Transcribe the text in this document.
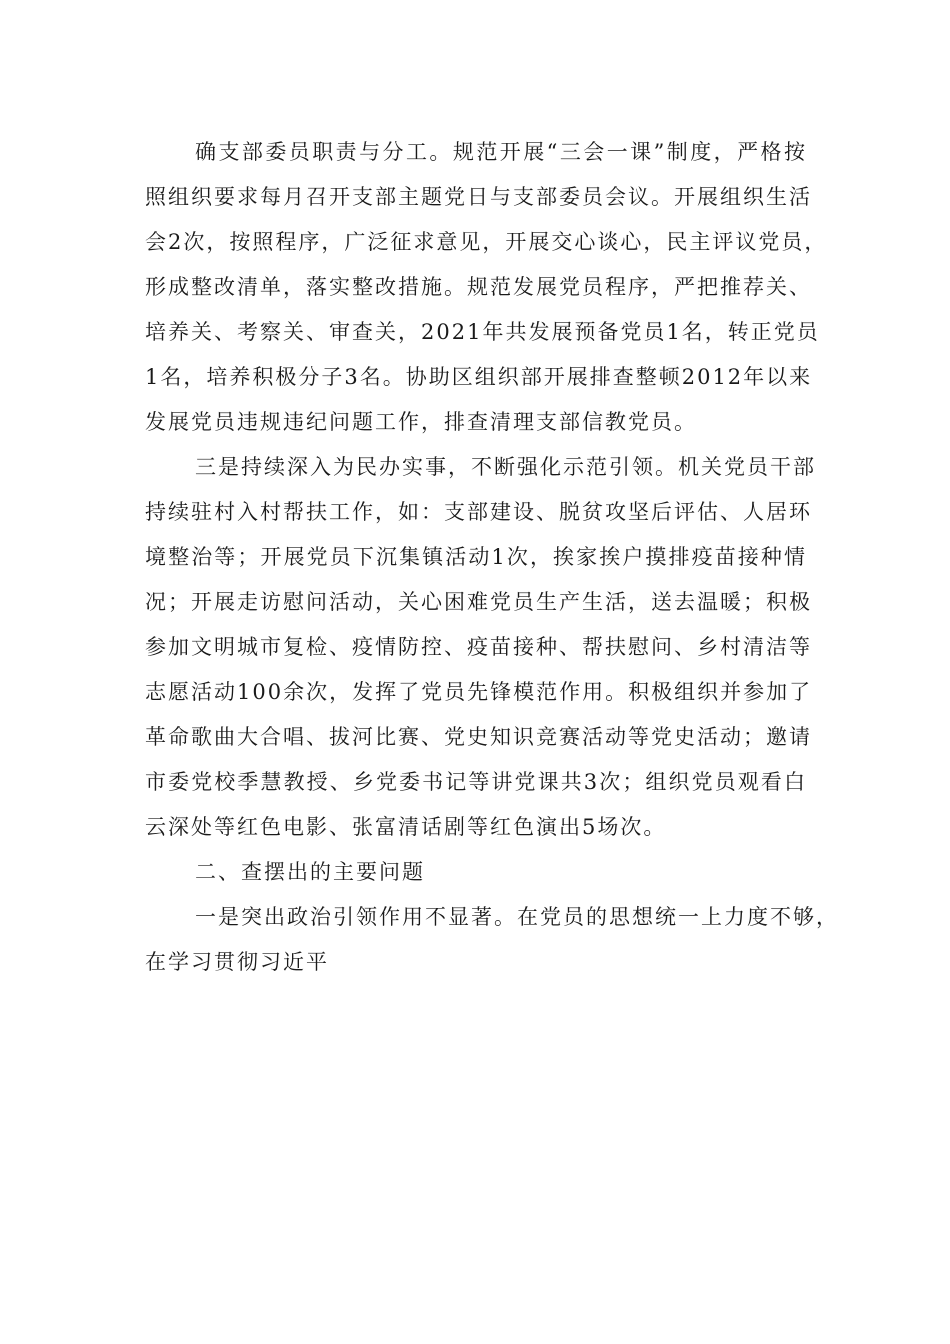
确支部委员职责与分工。规范开展“三会一课”制度，严格按
照组织要求每月召开支部主题党日与支部委员会议。开展组织生活
会2次，按照程序，广泛征求意见，开展交心谈心，民主评议党员，
形成整改清单，落实整改措施。规范发展党员程序，严把推荐关、
培养关、考察关、审查关，2021年共发展预备党员1名，转正党员
1名，培养积极分子3名。协助区组织部开展排查整顿2012年以来
发展党员违规违纪问题工作，排查清理支部信教党员。
三是持续深入为民办实事，不断强化示范引领。机关党员干部
持续驻村入村帮扶工作，如：支部建设、脱贫攻坚后评估、人居环
境整治等；开展党员下沉集镇活动1次，挨家挨户摸排疫苗接种情
况；开展走访慰问活动，关心困难党员生产生活，送去温暖；积极
参加文明城市复检、疫情防控、疫苗接种、帮扶慰问、乡村清洁等
志愿活动100余次，发挥了党员先锋模范作用。积极组织并参加了
革命歌曲大合唱、拔河比赛、党史知识竞赛活动等党史活动；邀请
市委党校季慧教授、乡党委书记等讲党课共3次；组织党员观看白
云深处等红色电影、张富清话剧等红色演出5场次。
二、查摆出的主要问题
一是突出政治引领作用不显著。在党员的思想统一上力度不够，
在学习贯彻习近平
